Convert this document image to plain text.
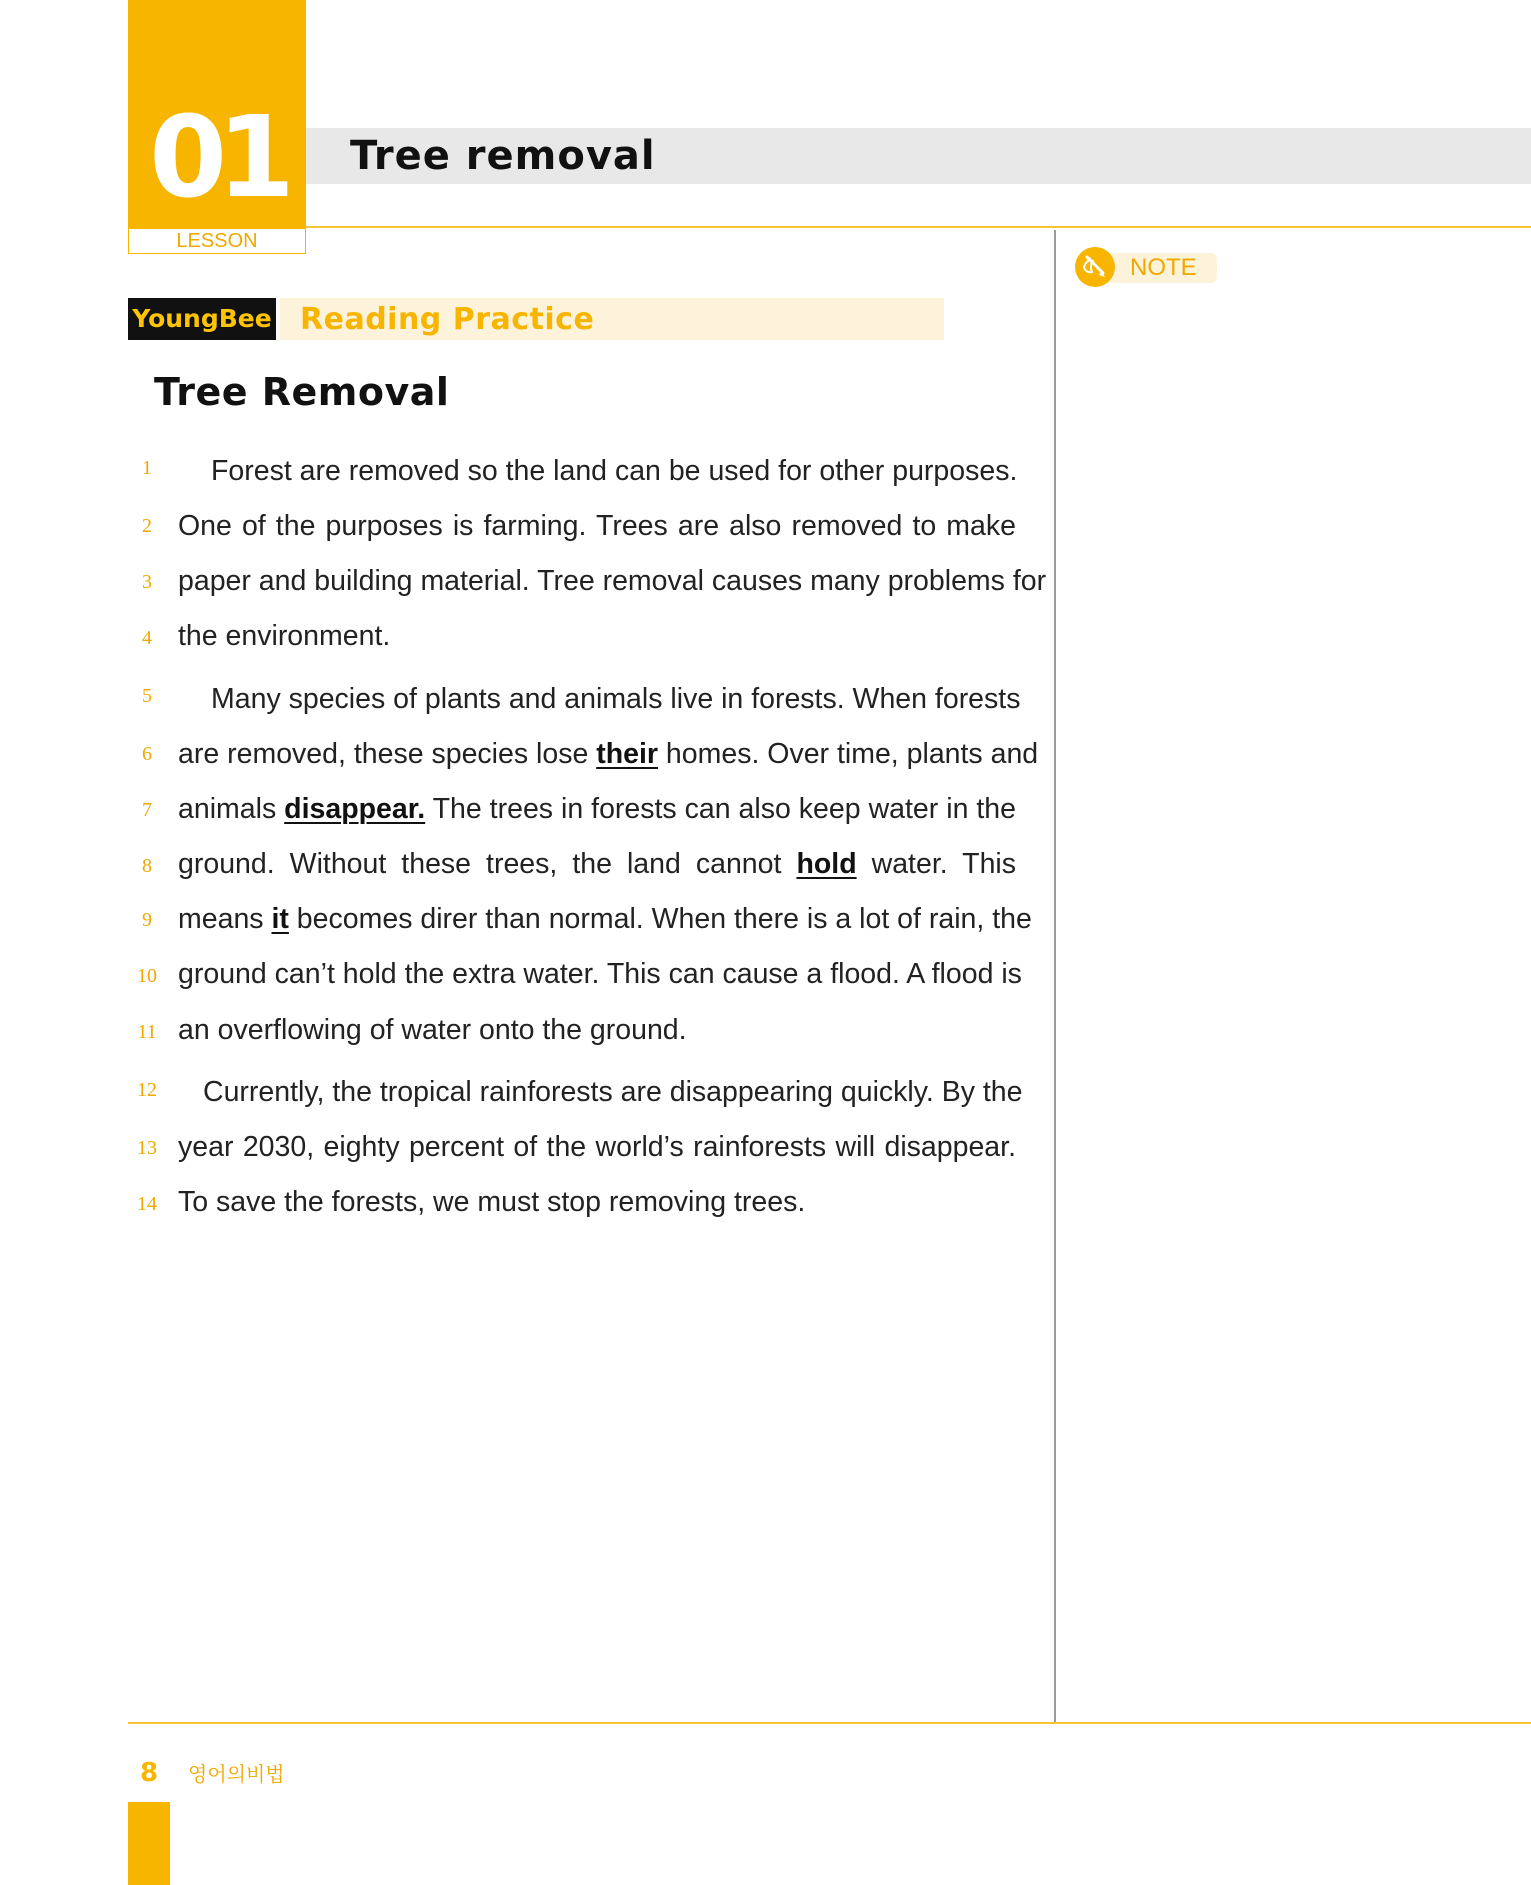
01
LESSON
Tree removal
NOTE
YoungBee Reading Practice
Tree Removal
1	Forest are removed so the land can be used for other purposes.
2 One of the purposes is farming. Trees are also removed to make
3 paper and building material. Tree removal causes many problems for
4 the environment.
5	Many species of plants and animals live in forests. When forests
6 are removed, these species lose their homes. Over time, plants and
7 animals disappear. The trees in forests can also keep water in the
8 ground. Without these trees, the land cannot hold water. This
9 means it becomes direr than normal. When there is a lot of rain, the
10 ground can’t hold the extra water. This can cause a flood. A flood is
11 an overflowing of water onto the ground.
12	Currently, the tropical rainforests are disappearing quickly. By the
13 year 2030, eighty percent of the world’s rainforests will disappear.
14 To save the forests, we must stop removing trees.
8 영어의비법
